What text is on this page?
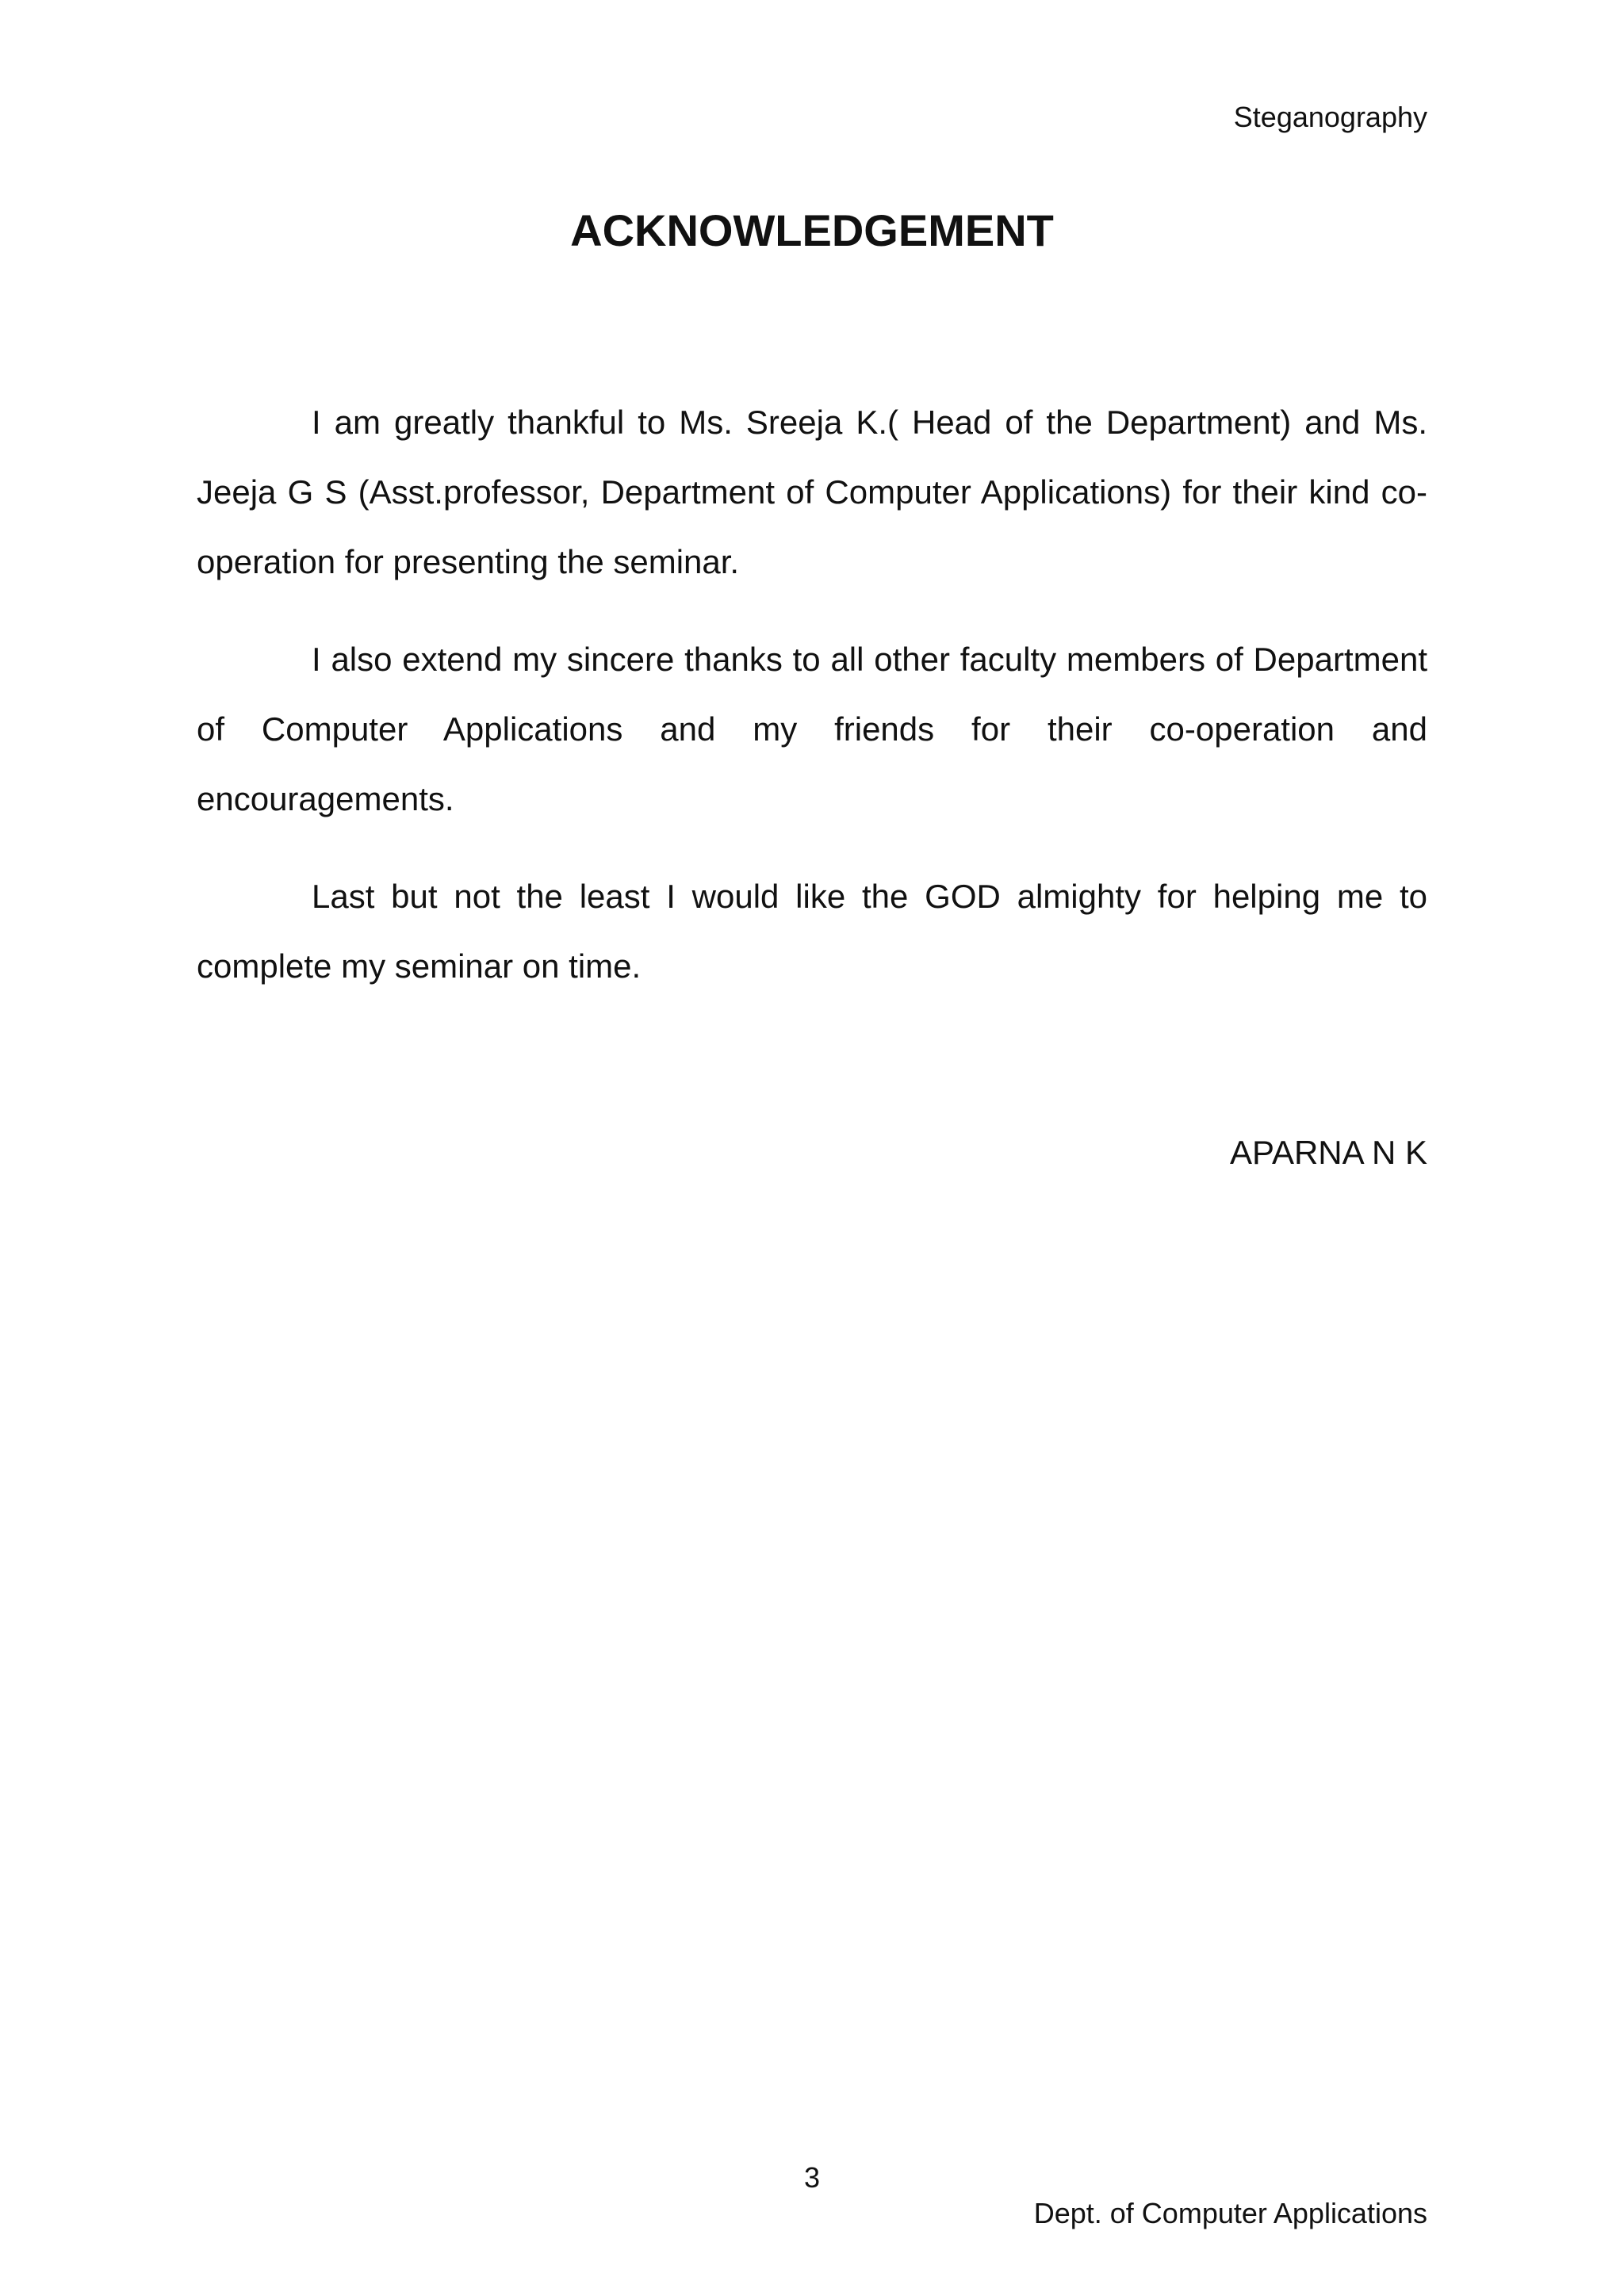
Steganography
ACKNOWLEDGEMENT

I am greatly thankful to Ms. Sreeja K.( Head of the Department) and Ms. Jeeja G S (Asst.professor, Department of Computer Applications) for their kind co-operation for presenting the seminar.

I also extend my sincere thanks to all other faculty members of Department of Computer Applications and my friends for their co-operation and encouragements.

Last but not the least I would like the GOD almighty for helping me to complete my seminar on time.

APARNA N K
3
Dept. of Computer Applications
